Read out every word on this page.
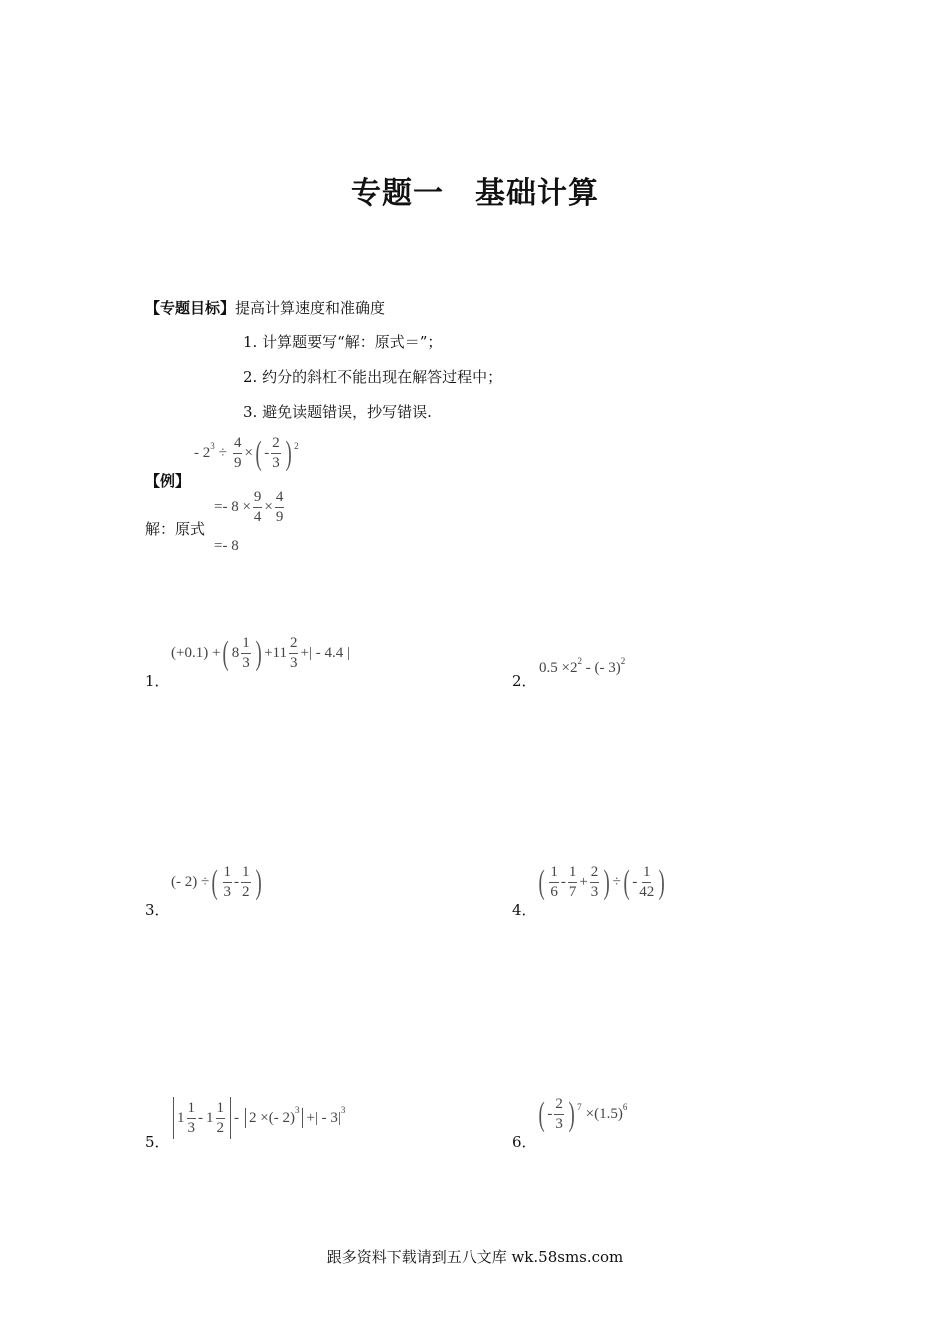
专题一　基础计算
【专题目标】提高计算速度和准确度
1. 计算题要写“解：原式＝”；
2. 约分的斜杠不能出现在解答过程中；
3. 避免读题错误，抄写错误.
【例】
- $2^3 \div \frac{4}{9}$ × ( - $\frac{2}{3}$ ) $^2$
解：原式
=- $8 \times \frac{9}{4} \times \frac{4}{9}$
=- 8
1．
(+0.1) + ( $8 \frac{1}{3}$ ) $+11 \frac{2}{3}$ +| - 4.4 |
2．
$0.5 \times 2^2$ - (- 3)$^2$
3．
(- 2) ÷ ( $\frac{1}{3} - \frac{1}{2}$ )
4．
( $\frac{1}{6} - \frac{1}{7} + \frac{2}{3}$ ) ÷ ( - $\frac{1}{42}$ )
5．
$1 \frac{1}{3} - 1 \frac{1}{2} - 2$ ×(- 2)$^3$ +| - $3|^3$
6．
( - $\frac{2}{3}$ ) $^7 \times(1.5)^6$
跟多资料下载请到五八文库 wk.58sms.com
